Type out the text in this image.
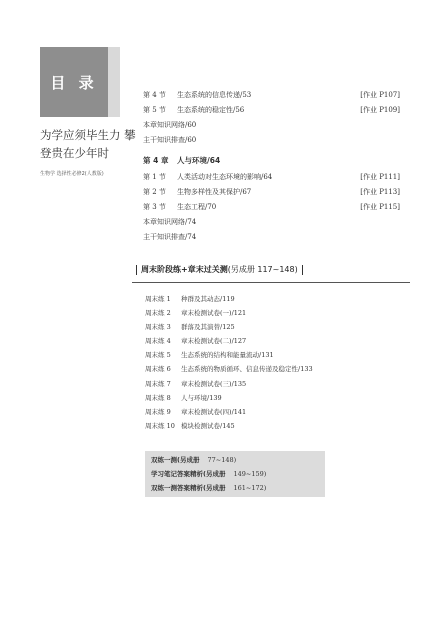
目 录
为学应须毕生力 攀登贵在少年时
生物学 选择性必修2(人教版)
第 4 节	生态系统的信息传递/53	[作业 P107]
第 5 节	生态系统的稳定性/56	[作业 P109]
本章知识网络/60
主干知识排查/60
第 4 章	人与环境/64
第 1 节	人类活动对生态环境的影响/64	[作业 P111]
第 2 节	生物多样性及其保护/67	[作业 P113]
第 3 节	生态工程/70	[作业 P115]
本章知识网络/74
主干知识排查/74
周末阶段练+章末过关测(另成册 117~148)
周末练 1	种群及其动态/119
周末练 2	章末检测试卷(一)/121
周末练 3	群落及其演替/125
周末练 4	章末检测试卷(二)/127
周末练 5	生态系统的结构和能量流动/131
周末练 6	生态系统的物质循环、信息传递及稳定性/133
周末练 7	章末检测试卷(三)/135
周末练 8	人与环境/139
周末练 9	章末检测试卷(四)/141
周末练 10 模块检测试卷/145
双练一测(另成册 77~148)
学习笔记答案精析(另成册 149~159)
双练一测答案精析(另成册 161~172)
